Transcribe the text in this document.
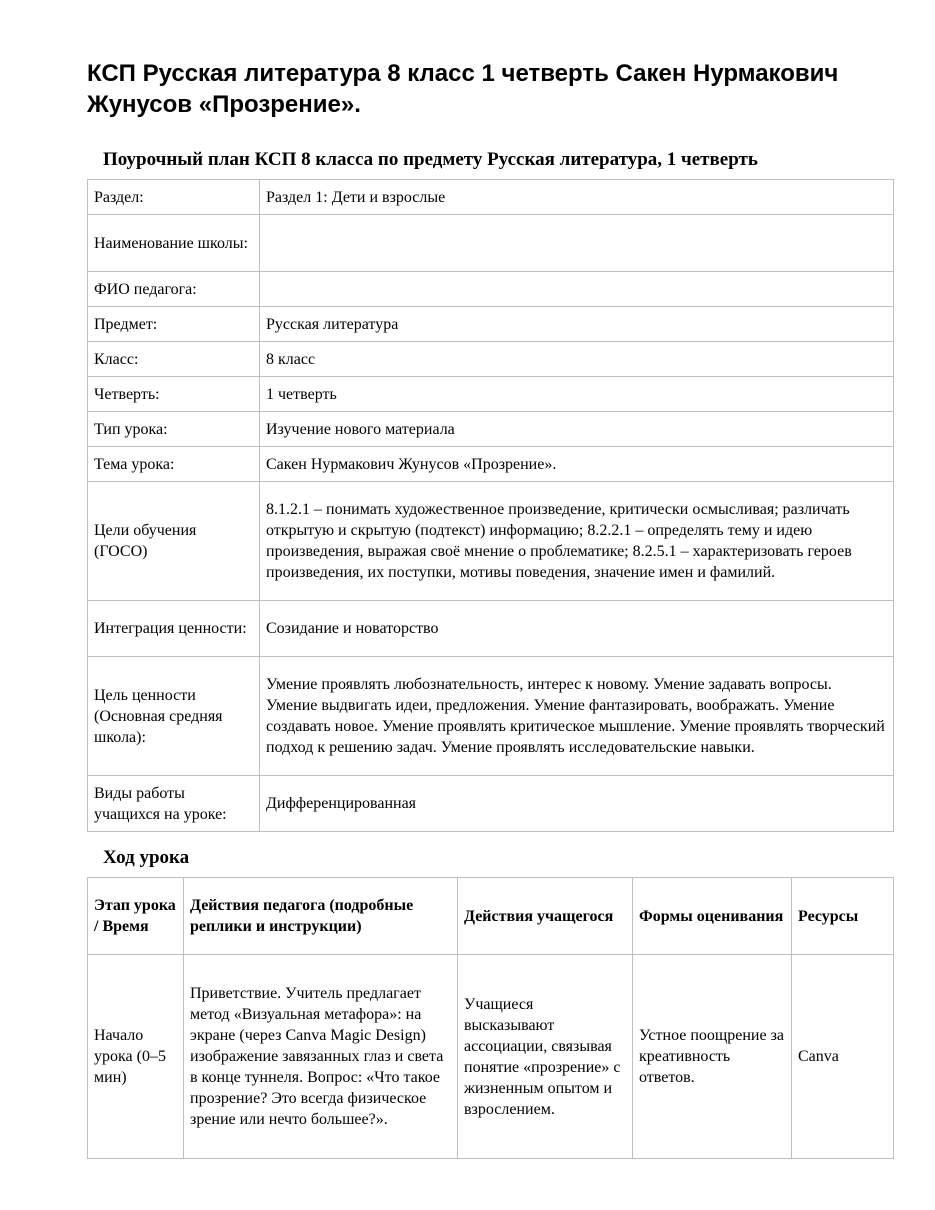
КСП Русская литература 8 класс 1 четверть Сакен Нурмакович Жунусов «Прозрение».
Поурочный план КСП 8 класса по предмету Русская литература, 1 четверть
Раздел:	Раздел 1: Дети и взрослые
Наименование школы:	
ФИО педагога:	
Предмет:	Русская литература
Класс:	8 класс
Четверть:	1 четверть
Тип урока:	Изучение нового материала
Тема урока:	Сакен Нурмакович Жунусов «Прозрение».
Цели обучения (ГОСО)	8.1.2.1 – понимать художественное произведение, критически осмысливая; различать открытую и скрытую (подтекст) информацию; 8.2.2.1 – определять тему и идею произведения, выражая своё мнение о проблематике; 8.2.5.1 – характеризовать героев произведения, их поступки, мотивы поведения, значение имен и фамилий.
Интеграция ценности:	Созидание и новаторство
Цель ценности (Основная средняя школа):	Умение проявлять любознательность, интерес к новому. Умение задавать вопросы. Умение выдвигать идеи, предложения. Умение фантазировать, воображать. Умение создавать новое. Умение проявлять критическое мышление. Умение проявлять творческий подход к решению задач. Умение проявлять исследовательские навыки.
Виды работы учащихся на уроке:	Дифференцированная
Ход урока
Этап урока / Время	Действия педагога (подробные реплики и инструкции)	Действия учащегося	Формы оценивания	Ресурсы
Начало урока (0–5 мин)	Приветствие. Учитель предлагает метод «Визуальная метафора»: на экране (через Canva Magic Design) изображение завязанных глаз и света в конце туннеля. Вопрос: «Что такое прозрение? Это всегда физическое зрение или нечто большее?».	Учащиеся высказывают ассоциации, связывая понятие «прозрение» с жизненным опытом и взрослением.	Устное поощрение за креативность ответов.	Canva
